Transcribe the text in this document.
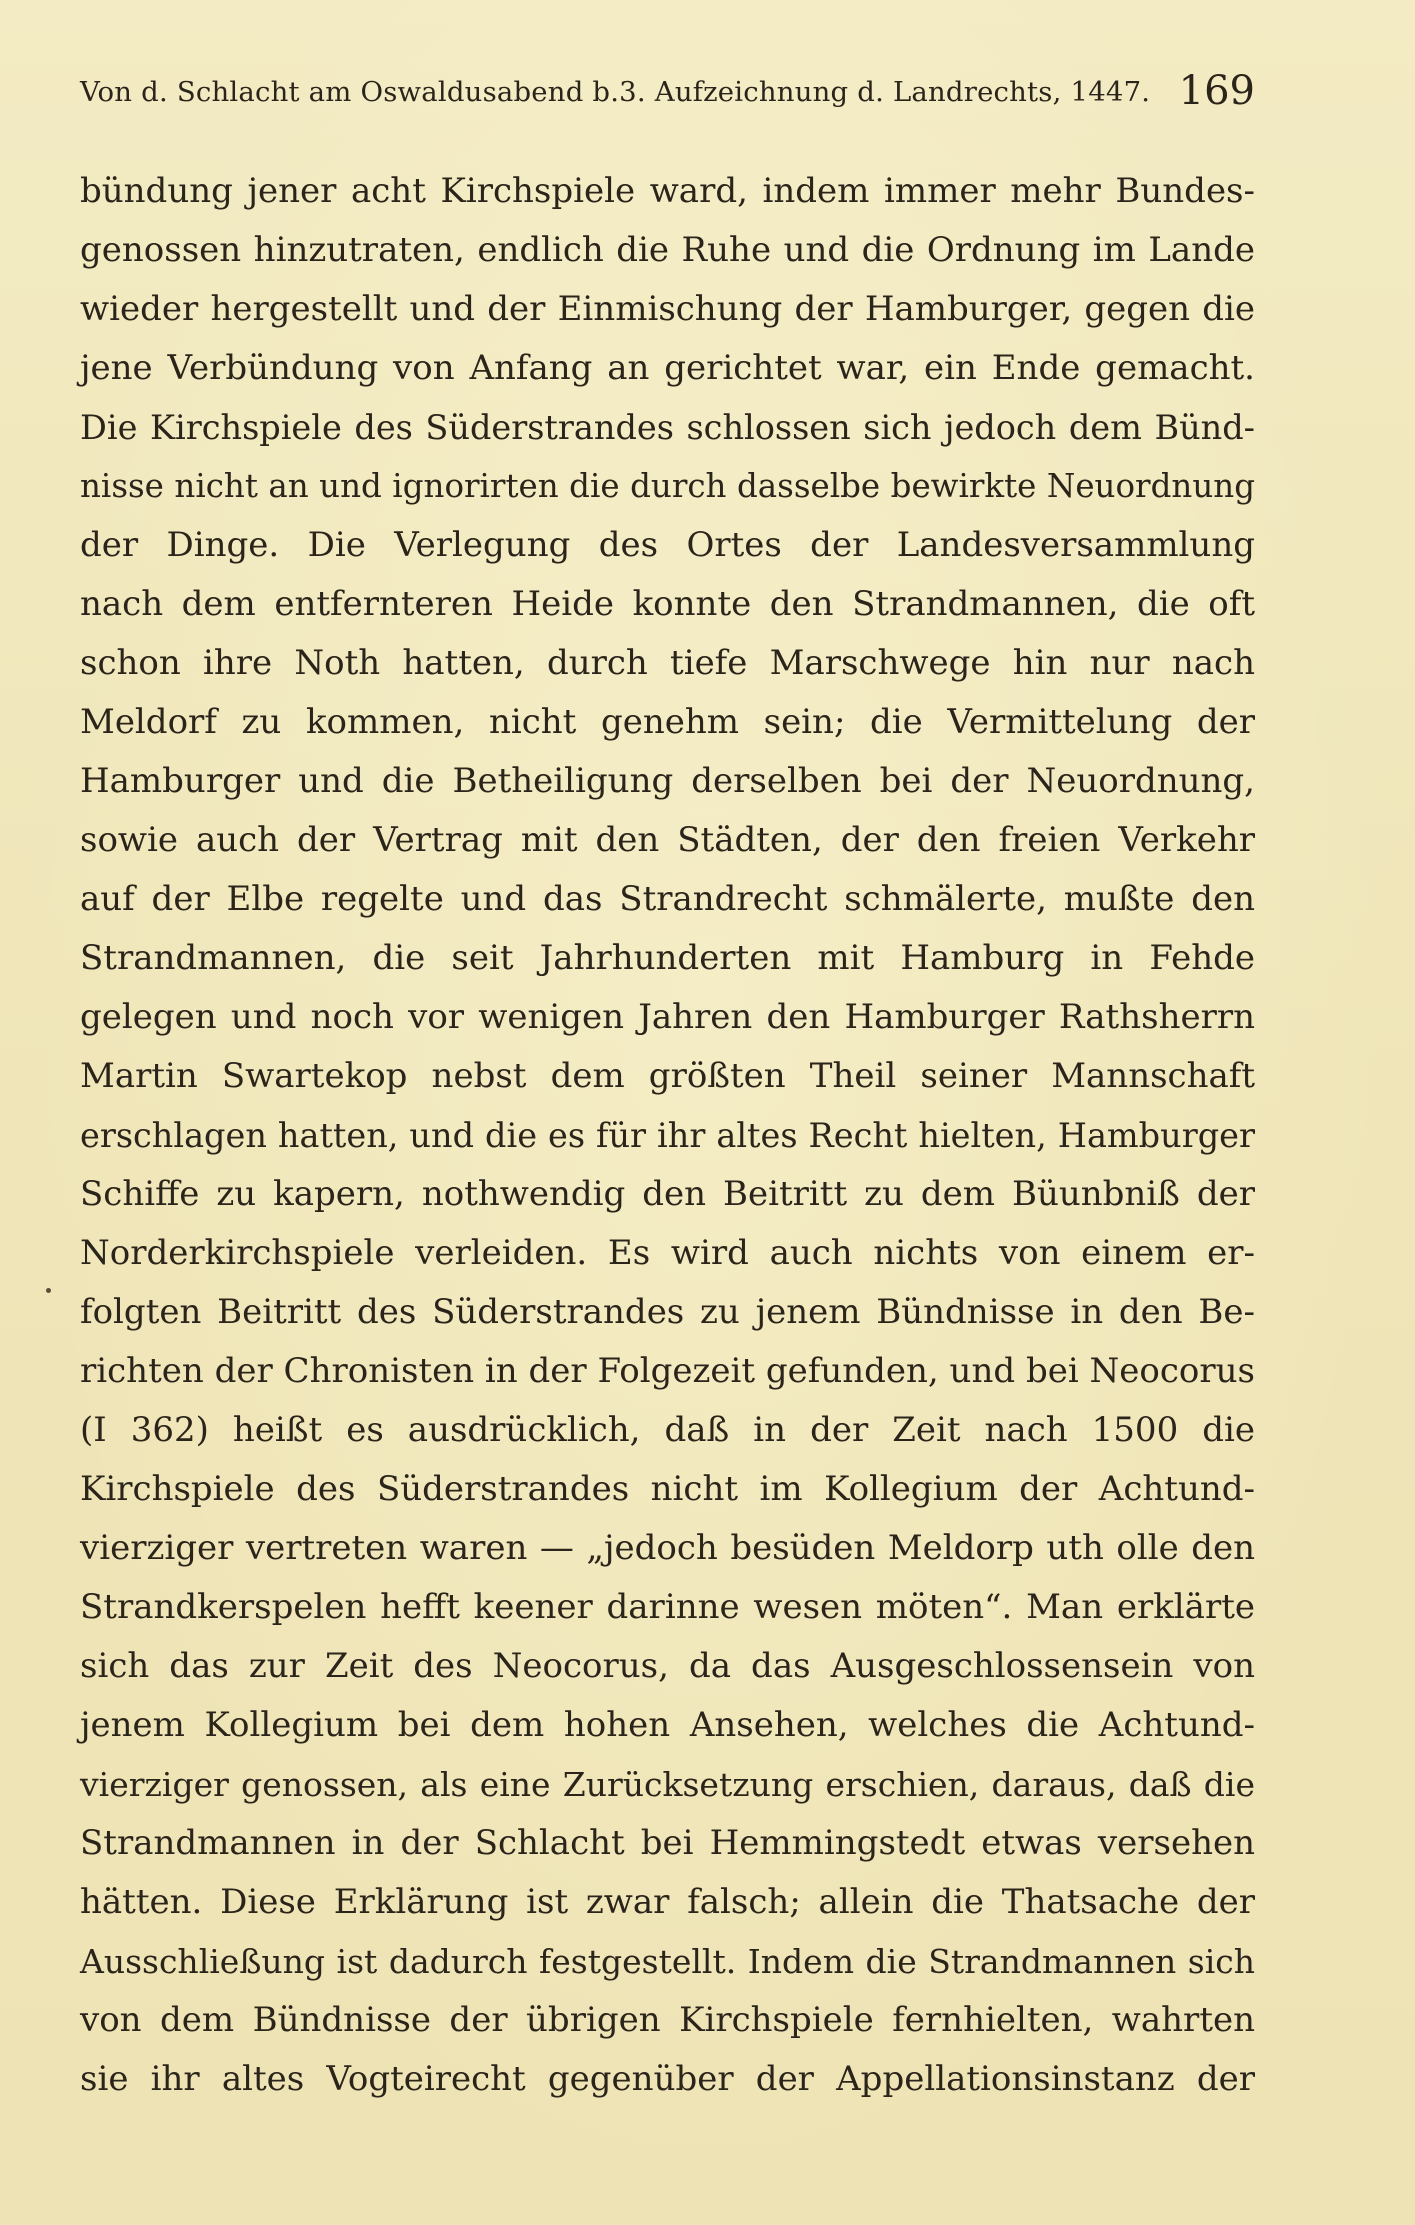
Von d. Schlacht am Oswaldusabend b.3. Aufzeichnung d. Landrechts, 1447. 169
bündung jener acht Kirchspiele ward, indem immer mehr Bundes-
genossen hinzutraten, endlich die Ruhe und die Ordnung im Lande
wieder hergestellt und der Einmischung der Hamburger, gegen die
jene Verbündung von Anfang an gerichtet war, ein Ende gemacht.
Die Kirchspiele des Süderstrandes schlossen sich jedoch dem Bünd-
nisse nicht an und ignorirten die durch dasselbe bewirkte Neuordnung
der Dinge. Die Verlegung des Ortes der Landesversammlung
nach dem entfernteren Heide konnte den Strandmannen, die oft
schon ihre Noth hatten, durch tiefe Marschwege hin nur nach
Meldorf zu kommen, nicht genehm sein; die Vermittelung der
Hamburger und die Betheiligung derselben bei der Neuordnung,
sowie auch der Vertrag mit den Städten, der den freien Verkehr
auf der Elbe regelte und das Strandrecht schmälerte, mußte den
Strandmannen, die seit Jahrhunderten mit Hamburg in Fehde
gelegen und noch vor wenigen Jahren den Hamburger Rathsherrn
Martin Swartekop nebst dem größten Theil seiner Mannschaft
erschlagen hatten, und die es für ihr altes Recht hielten, Hamburger
Schiffe zu kapern, nothwendig den Beitritt zu dem Büunbniß der
Norderkirchspiele verleiden. Es wird auch nichts von einem er-
folgten Beitritt des Süderstrandes zu jenem Bündnisse in den Be-
richten der Chronisten in der Folgezeit gefunden, und bei Neocorus
(I 362) heißt es ausdrücklich, daß in der Zeit nach 1500 die
Kirchspiele des Süderstrandes nicht im Kollegium der Achtund-
vierziger vertreten waren — „jedoch besüden Meldorp uth olle den
Strandkerspelen hefft keener darinne wesen möten“. Man erklärte
sich das zur Zeit des Neocorus, da das Ausgeschlossensein von
jenem Kollegium bei dem hohen Ansehen, welches die Achtund-
vierziger genossen, als eine Zurücksetzung erschien, daraus, daß die
Strandmannen in der Schlacht bei Hemmingstedt etwas versehen
hätten. Diese Erklärung ist zwar falsch; allein die Thatsache der
Ausschließung ist dadurch festgestellt. Indem die Strandmannen sich
von dem Bündnisse der übrigen Kirchspiele fernhielten, wahrten
sie ihr altes Vogteirecht gegenüber der Appellationsinstanz der
